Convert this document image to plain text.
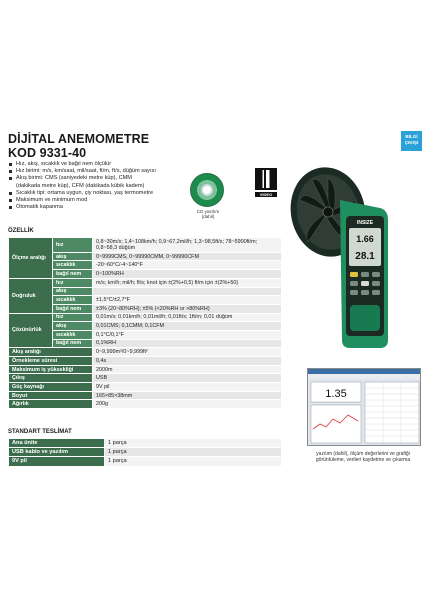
DİJİTAL ANEMOMETRE
KOD 9331-40
BİLGİ
ÇIKIŞI
Hız, akış, sıcaklık ve bağıl nem ölçülür
Hız birimi: m/s, km/saat, mil/saat, ft/m, ft/s, düğüm sayısı
Akış birimi: CMS (saniyedeki metre küp), CMM
(dakikada metre küp), CFM (dakikada kübik kadem)
Sıcaklık tipi: ortama uygun, çiy noktası, yaş termometre
Maksimum ve minimum mod
Otomatik kapanma
CD yazılım (dahil)
VIDEO
ÖZELLİK
Ölçme aralığı	hız	0,8~30m/s; 1,4~108km/h; 0,9~67,2mil/h; 1,3~98,5ft/s; 78~5900ft/m; 0,8~58,3 düğüm
	akış	0~9999CMS, 0~99990CMM, 0~99990CFM
	sıcaklık	-20~60°C/-4~140°F
	bağıl nem	0~100%RH
Doğruluk	hız	m/s; km/h; mil/h; ft/s; knot için ±(2%+0,5) ft/m için ±(2%+50)
	akış	
	sıcaklık	±1,5°C/±2,7°F
	bağıl nem	±3% (20~80%RH); ±5% (<20%RH or >80%RH)
Çözünürlük	hız	0,01m/s; 0,01km/h; 0,01mil/h; 0,01ft/s; 1ft/m; 0,01 düğüm
	akış	0,01CMS; 0,1CMM; 0,1CFM
	sıcaklık	0,1°C/0,1°F
	bağıl nem	0,1%RH
Akış aralığı		0~9,999m²/0~9,999ft²
Örnekleme süresi		0,4s
Maksimum iş yüksekliği		2000m
Çıkış		USB
Güç kaynağı		9V pil
Boyut		165×85×38mm
Ağırlık		200g
STANDART TESLİMAT
Ana ünite	1 parça
USB kablo ve yazılım	1 parça
9V pil	1 parça
INSIZE
1.66
28.1
1.35
yazılım (dahil), ölçüm değerlerini ve grafiği görüntüleme, verileri kaydetme ve çıkarma
